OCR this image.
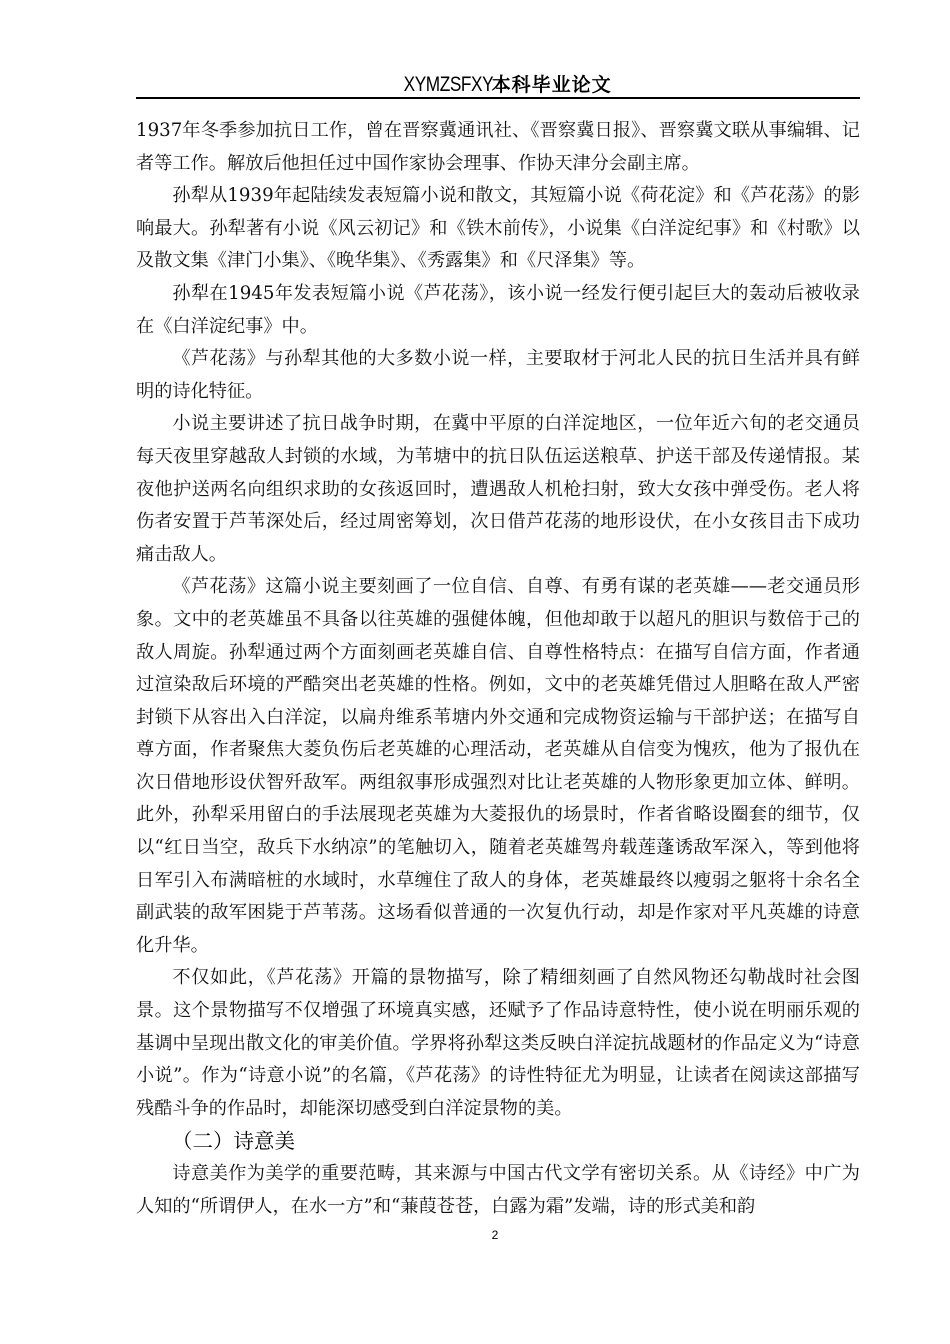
XYMZSFXY 本科毕业论文

1937年冬季参加抗日工作，曾在晋察冀通讯社、《晋察冀日报》、晋察冀文联从事编辑、记者等工作。解放后他担任过中国作家协会理事、作协天津分会副主席。

孙犁从1939年起陆续发表短篇小说和散文，其短篇小说《荷花淀》和《芦花荡》的影响最大。孙犁著有小说《风云初记》和《铁木前传》，小说集《白洋淀纪事》和《村歌》以及散文集《津门小集》、《晚华集》、《秀露集》和《尺泽集》等。

孙犁在1945年发表短篇小说《芦花荡》，该小说一经发行便引起巨大的轰动后被收录在《白洋淀纪事》中。

《芦花荡》与孙犁其他的大多数小说一样，主要取材于河北人民的抗日生活并具有鲜明的诗化特征。

小说主要讲述了抗日战争时期，在冀中平原的白洋淀地区，一位年近六旬的老交通员每天夜里穿越敌人封锁的水域，为苇塘中的抗日队伍运送粮草、护送干部及传递情报。某夜他护送两名向组织求助的女孩返回时，遭遇敌人机枪扫射，致大女孩中弹受伤。老人将伤者安置于芦苇深处后，经过周密筹划，次日借芦花荡的地形设伏，在小女孩目击下成功痛击敌人。

《芦花荡》这篇小说主要刻画了一位自信、自尊、有勇有谋的老英雄——老交通员形象。文中的老英雄虽不具备以往英雄的强健体魄，但他却敢于以超凡的胆识与数倍于己的敌人周旋。孙犁通过两个方面刻画老英雄自信、自尊性格特点：在描写自信方面，作者通过渲染敌后环境的严酷突出老英雄的性格。例如，文中的老英雄凭借过人胆略在敌人严密封锁下从容出入白洋淀，以扁舟维系苇塘内外交通和完成物资运输与干部护送；在描写自尊方面，作者聚焦大菱负伤后老英雄的心理活动，老英雄从自信变为愧疚，他为了报仇在次日借地形设伏智歼敌军。两组叙事形成强烈对比让老英雄的人物形象更加立体、鲜明。此外，孙犁采用留白的手法展现老英雄为大菱报仇的场景时，作者省略设圈套的细节，仅以“红日当空，敌兵下水纳凉”的笔触切入，随着老英雄驾舟载莲蓬诱敌军深入，等到他将日军引入布满暗桩的水域时，水草缠住了敌人的身体，老英雄最终以瘦弱之躯将十余名全副武装的敌军困毙于芦苇荡。这场看似普通的一次复仇行动，却是作家对平凡英雄的诗意化升华。

不仅如此，《芦花荡》开篇的景物描写，除了精细刻画了自然风物还勾勒战时社会图景。这个景物描写不仅增强了环境真实感，还赋予了作品诗意特性，使小说在明丽乐观的基调中呈现出散文化的审美价值。学界将孙犁这类反映白洋淀抗战题材的作品定义为“诗意小说”。作为“诗意小说”的名篇，《芦花荡》的诗性特征尤为明显，让读者在阅读这部描写残酷斗争的作品时，却能深切感受到白洋淀景物的美。

（二）诗意美

诗意美作为美学的重要范畴，其来源与中国古代文学有密切关系。从《诗经》中广为人知的“所谓伊人，在水一方”和“蒹葭苍苍，白露为霜”发端，诗的形式美和韵

2
